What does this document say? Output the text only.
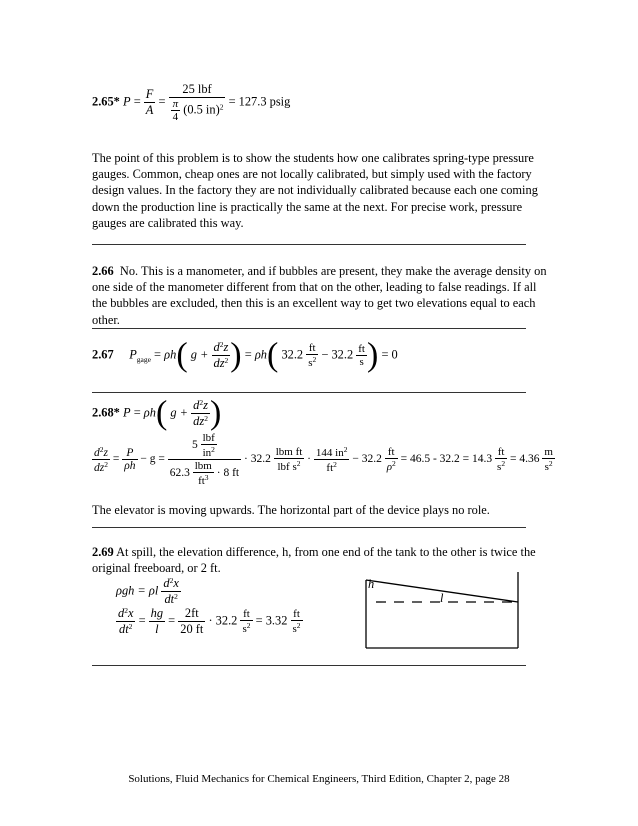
2.65* $P = \frac{F}{A} = \frac{\text{25 lbf}}{\frac{\pi}{4} (0.5 in)^2} = 127.3$ psig
The point of this problem is to show the students how one calibrates spring-type pressure gauges. Common, cheap ones are not locally calibrated, but simply used with the factory design values. In the factory they are not individually calibrated because each one coming down the production line is practically the same at the next. For precise work, pressure gauges are calibrated this way.
2.66 No. This is a manometer, and if bubbles are present, they make the average density on one side of the manometer different from that on the other, leading to false readings. If all the bubbles are excluded, then this is an excellent way to get two elevations equal to each other.
2.67 $P_{gage} = \rho h$( $g + \frac{d^2z}{dz^2}$ ) = ρh( $32.2 \frac{ft}{s^2} - 32.2 \frac{ft}{s}$ ) = 0
2.68* P = ρh( $g + \frac{d^2z}{dz^2}$ )
$\frac{d^2z}{dz^2} = \frac{P}{\rho h} - g = \frac{5 \frac{\text{lbf}}{in^2}}{62.3 \frac{\text{lbm}}{ft^3} \cdot 8 ft} \cdot 32.2 \frac{\text{lbm ft}}{lbf s^2} \cdot \frac{144 in^2}{ft^2} - 32.2 \frac{ft}{\rho^2} = 46.5 - 32.2 = 14.3 \frac{ft}{s^2} = 4.36 \frac{m}{s^2}$
The elevator is moving upwards. The horizontal part of the device plays no role.
2.69 At spill, the elevation difference, h, from one end of the tank to the other is twice the original freeboard, or 2 ft.
ρgh = ρl $\frac{d^2x}{dt^2}$
$\frac{d^2x}{dt^2} = \frac{hg}{l} = \frac{2ft}{20 ft} \cdot 32.2 \frac{ft}{s^2} = 3.32 \frac{ft}{s^2}$
h
l
Solutions, Fluid Mechanics for Chemical Engineers, Third Edition, Chapter 2, page 28
